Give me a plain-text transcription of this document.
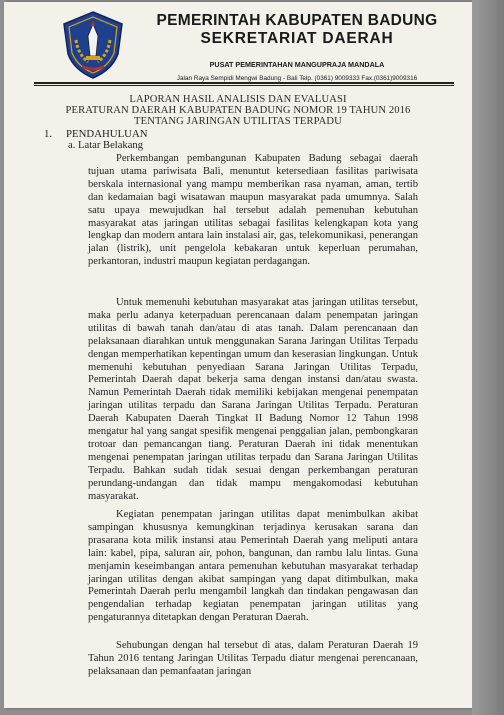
PEMERINTAH KABUPATEN BADUNG
SEKRETARIAT DAERAH
PUSAT PEMERINTAHAN MANGUPRAJA MANDALA
Jalan Raya Sempidi Mengwi Badung - Bali Telp. (0361) 9009333 Fax.(0361)9009316
LAPORAN HASIL ANALISIS DAN EVALUASI
PERATURAN DAERAH KABUPATEN BADUNG NOMOR 19 TAHUN 2016
TENTANG JARINGAN UTILITAS TERPADU
1. PENDAHULUAN
a. Latar Belakang

Perkembangan pembangunan Kabupaten Badung sebagai daerah tujuan utama pariwisata Bali, menuntut ketersediaan fasilitas pariwisata berskala internasional yang mampu memberikan rasa nyaman, aman, tertib dan kedamaian bagi wisatawan maupun masyarakat pada umumnya. Salah satu upaya mewujudkan hal tersebut adalah pemenuhan kebutuhan masyarakat atas jaringan utilitas sebagai fasilitas kelengkapan kota yang lengkap dan modern antara lain instalasi air, gas, telekomunikasi, penerangan jalan (listrik), unit pengelola kebakaran untuk keperluan perumahan, perkantoran, industri maupun kegiatan perdagangan.

Untuk memenuhi kebutuhan masyarakat atas jaringan utilitas tersebut, maka perlu adanya keterpaduan perencanaan dalam penempatan jaringan utilitas di bawah tanah dan/atau di atas tanah. Dalam perencanaan dan pelaksanaan diarahkan untuk menggunakan Sarana Jaringan Utilitas Terpadu dengan memperhatikan kepentingan umum dan keserasian lingkungan. Untuk memenuhi kebutuhan penyediaan Sarana Jaringan Utilitas Terpadu, Pemerintah Daerah dapat bekerja sama dengan instansi dan/atau swasta. Namun Pemerintah Daerah tidak memiliki kebijakan mengenai penempatan jaringan utilitas terpadu dan Sarana Jaringan Utilitas Terpadu. Peraturan Daerah Kabupaten Daerah Tingkat II Badung Nomor 12 Tahun 1998 mengatur hal yang sangat spesifik mengenai penggalian jalan, pembongkaran trotoar dan pemancangan tiang. Peraturan Daerah ini tidak menentukan mengenai penempatan jaringan utilitas terpadu dan Sarana Jaringan Utilitas Terpadu. Bahkan sudah tidak sesuai dengan perkembangan peraturan perundang-undangan dan tidak mampu mengakomodasi kebutuhan masyarakat.

Kegiatan penempatan jaringan utilitas dapat menimbulkan akibat sampingan khususnya kemungkinan terjadinya kerusakan sarana dan prasarana kota milik instansi atau Pemerintah Daerah yang meliputi antara lain: kabel, pipa, saluran air, pohon, bangunan, dan rambu lalu lintas. Guna menjamin keseimbangan antara pemenuhan kebutuhan masyarakat terhadap jaringan utilitas dengan akibat sampingan yang dapat ditimbulkan, maka Pemerintah Daerah perlu mengambil langkah dan tindakan pengawasan dan pengendalian terhadap kegiatan penempatan jaringan utilitas yang pengaturannya ditetapkan dengan Peraturan Daerah.

Sehubungan dengan hal tersebut di atas, dalam Peraturan Daerah 19 Tahun 2016 tentang Jaringan Utilitas Terpadu diatur mengenai perencanaan, pelaksanaan dan pemanfaatan jaringan
